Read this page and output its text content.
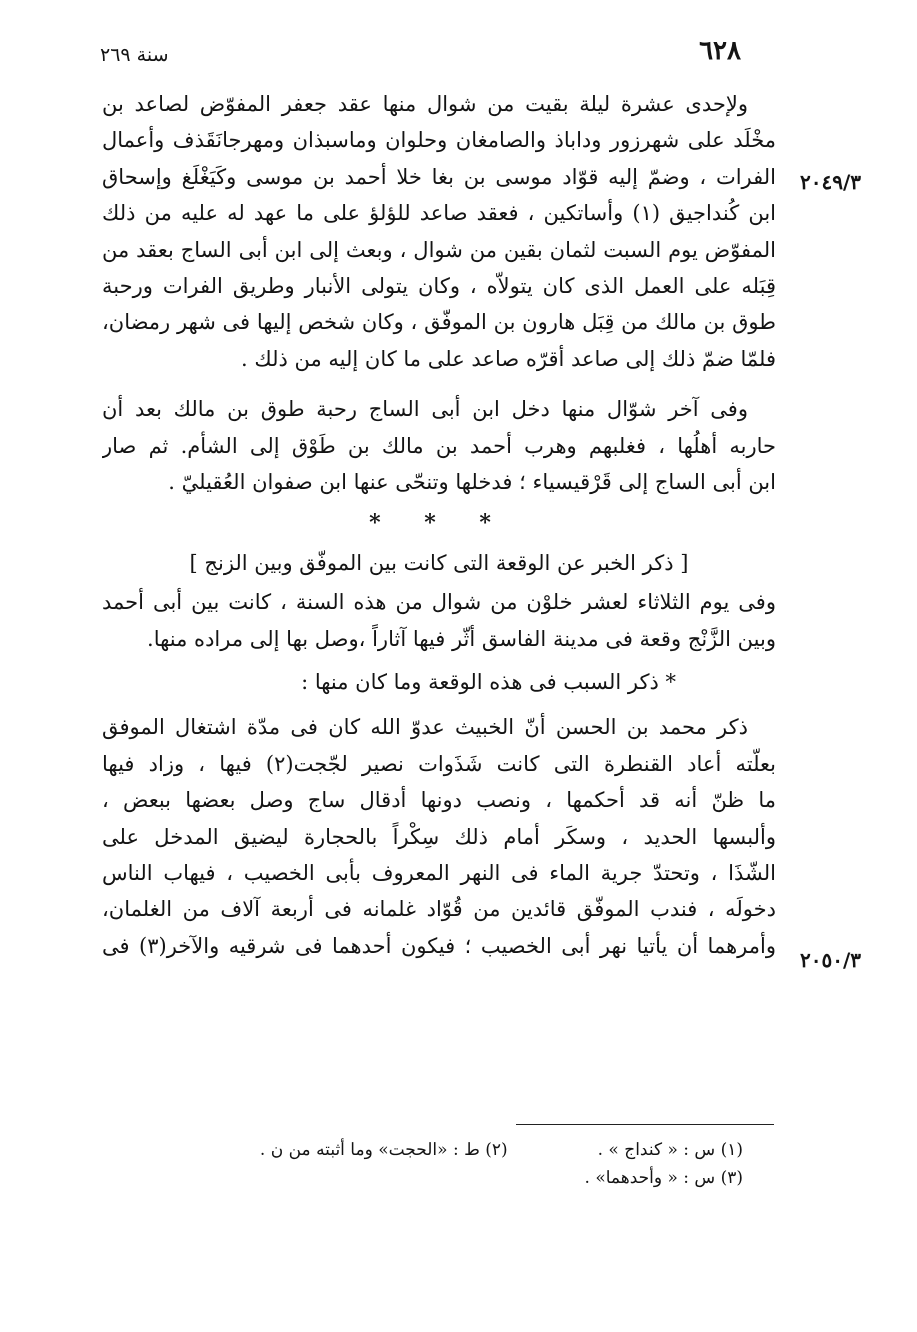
٦٢٨
سنة ٢٦٩
٢٠٤٩/٣
٢٠٥٠/٣
ولإحدى عشرة ليلة بقيت من شوال منها عقد جعفر المفوّض لصاعد بن
مخْلَد على شهرزور وداباذ والصامغان وحلوان وماسبذان ومهرجانَقَذف وأعمال
الفرات ، وضمّ إليه قوّاد موسى بن بغا خلا أحمد بن موسى وكَيَغْلَغ وإسحاق
ابن كُنداجيق (١) وأساتكين ، فعقد صاعد للؤلؤ على ما عهد له عليه من ذلك
المفوّض يوم السبت لثمان بقين من شوال ، وبعث إلى ابن أبى الساج بعقد من
قِبَله على العمل الذى كان يتولاّه ، وكان يتولى الأنبار وطريق الفرات ورحبة
طوق بن مالك من قِبَل هارون بن الموفّق ، وكان شخص إليها فى شهر رمضان،
فلمّا ضمّ ذلك إلى صاعد أقرّه صاعد على ما كان إليه من ذلك .
وفى آخر شوّال منها دخل ابن أبى الساج رحبة طوق بن مالك بعد أن
حاربه أهلُها ، فغلبهم وهرب أحمد بن مالك بن طَوْق إلى الشأم. ثم صار
ابن أبى الساج إلى قَرْقيسياء ؛ فدخلها وتنحّى عنها ابن صفوان العُقيليّ .
* * *
[ ذكر الخبر عن الوقعة التى كانت بين الموفّق وبين الزنج ]
وفى يوم الثلاثاء لعشر خلوْن من شوال من هذه السنة ، كانت بين أبى أحمد
وبين الزَّنْج وقعة فى مدينة الفاسق أثّر فيها آثاراً ،وصل بها إلى مراده منها.
* ذكر السبب فى هذه الوقعة وما كان منها :
ذكر محمد بن الحسن أنّ الخبيث عدوّ الله كان فى مدّة اشتغال الموفق
بعلّته أعاد القنطرة التى كانت شَذَوات نصير لجّجت(٢) فيها ، وزاد فيها
ما ظنّ أنه قد أحكمها ، ونصب دونها أدقال ساج وصل بعضها ببعض ،
وألبسها الحديد ، وسكَر أمام ذلك سِكْراً بالحجارة ليضيق المدخل على
الشّذَا ، وتحتدّ جرية الماء فى النهر المعروف بأبى الخصيب ، فيهاب الناس
دخولَه ، فندب الموفّق قائدين من قُوّاد غلمانه فى أربعة آلاف من الغلمان،
وأمرهما أن يأتيا نهر أبى الخصيب ؛ فيكون أحدهما فى شرقيه والآخر(٣) فى
(١) س : « كنداج » .
(٢) ط : «الحجت» وما أثبته من ن .
(٣) س : « وأحدهما» .
